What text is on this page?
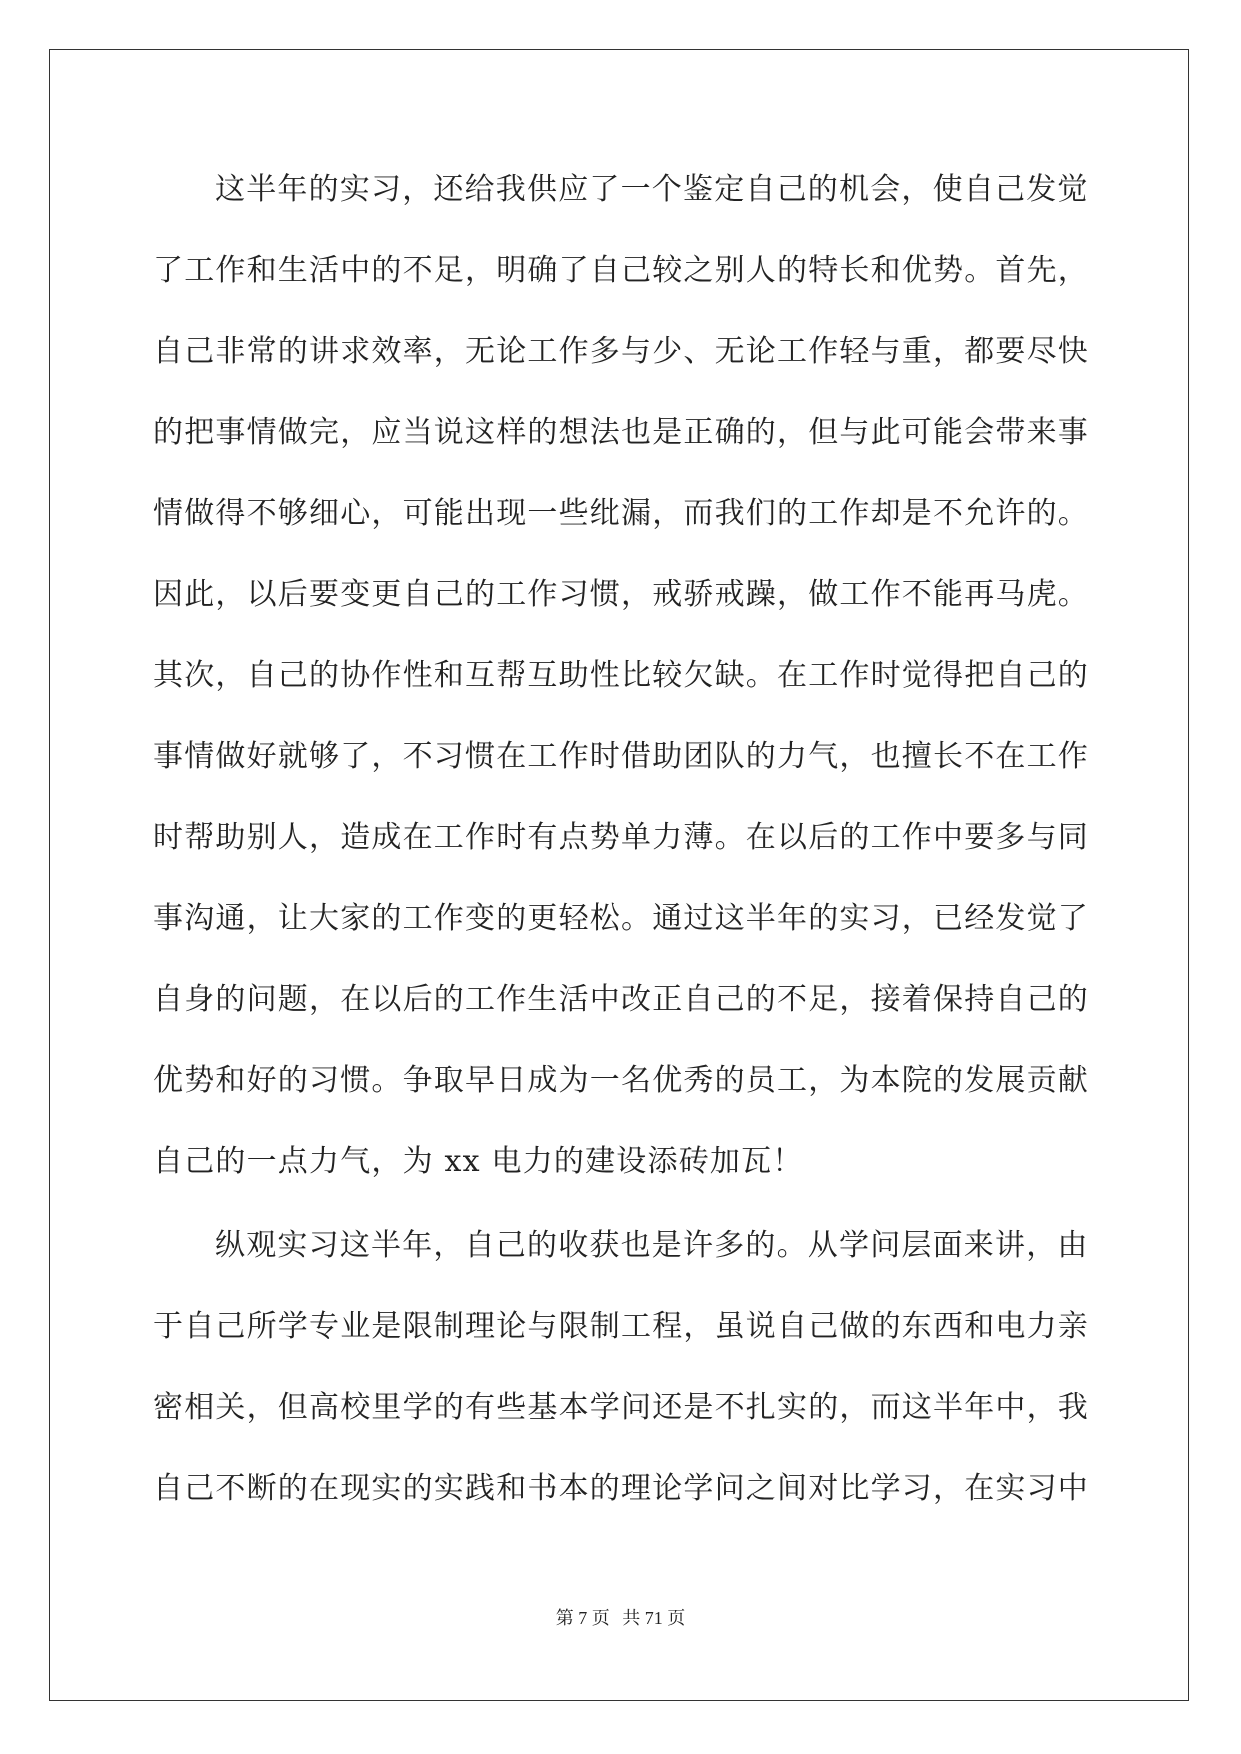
这半年的实习，还给我供应了一个鉴定自己的机会，使自己发觉
了工作和生活中的不足，明确了自己较之别人的特长和优势。首先，
自己非常的讲求效率，无论工作多与少、无论工作轻与重，都要尽快
的把事情做完，应当说这样的想法也是正确的，但与此可能会带来事
情做得不够细心，可能出现一些纰漏，而我们的工作却是不允许的。
因此，以后要变更自己的工作习惯，戒骄戒躁，做工作不能再马虎。
其次，自己的协作性和互帮互助性比较欠缺。在工作时觉得把自己的
事情做好就够了，不习惯在工作时借助团队的力气，也擅长不在工作
时帮助别人，造成在工作时有点势单力薄。在以后的工作中要多与同
事沟通，让大家的工作变的更轻松。通过这半年的实习，已经发觉了
自身的问题，在以后的工作生活中改正自己的不足，接着保持自己的
优势和好的习惯。争取早日成为一名优秀的员工，为本院的发展贡献
自己的一点力气，为 xx 电力的建设添砖加瓦！
纵观实习这半年，自己的收获也是许多的。从学问层面来讲，由
于自己所学专业是限制理论与限制工程，虽说自己做的东西和电力亲
密相关，但高校里学的有些基本学问还是不扎实的，而这半年中，我
自己不断的在现实的实践和书本的理论学问之间对比学习，在实习中
第 7 页 共 71 页
